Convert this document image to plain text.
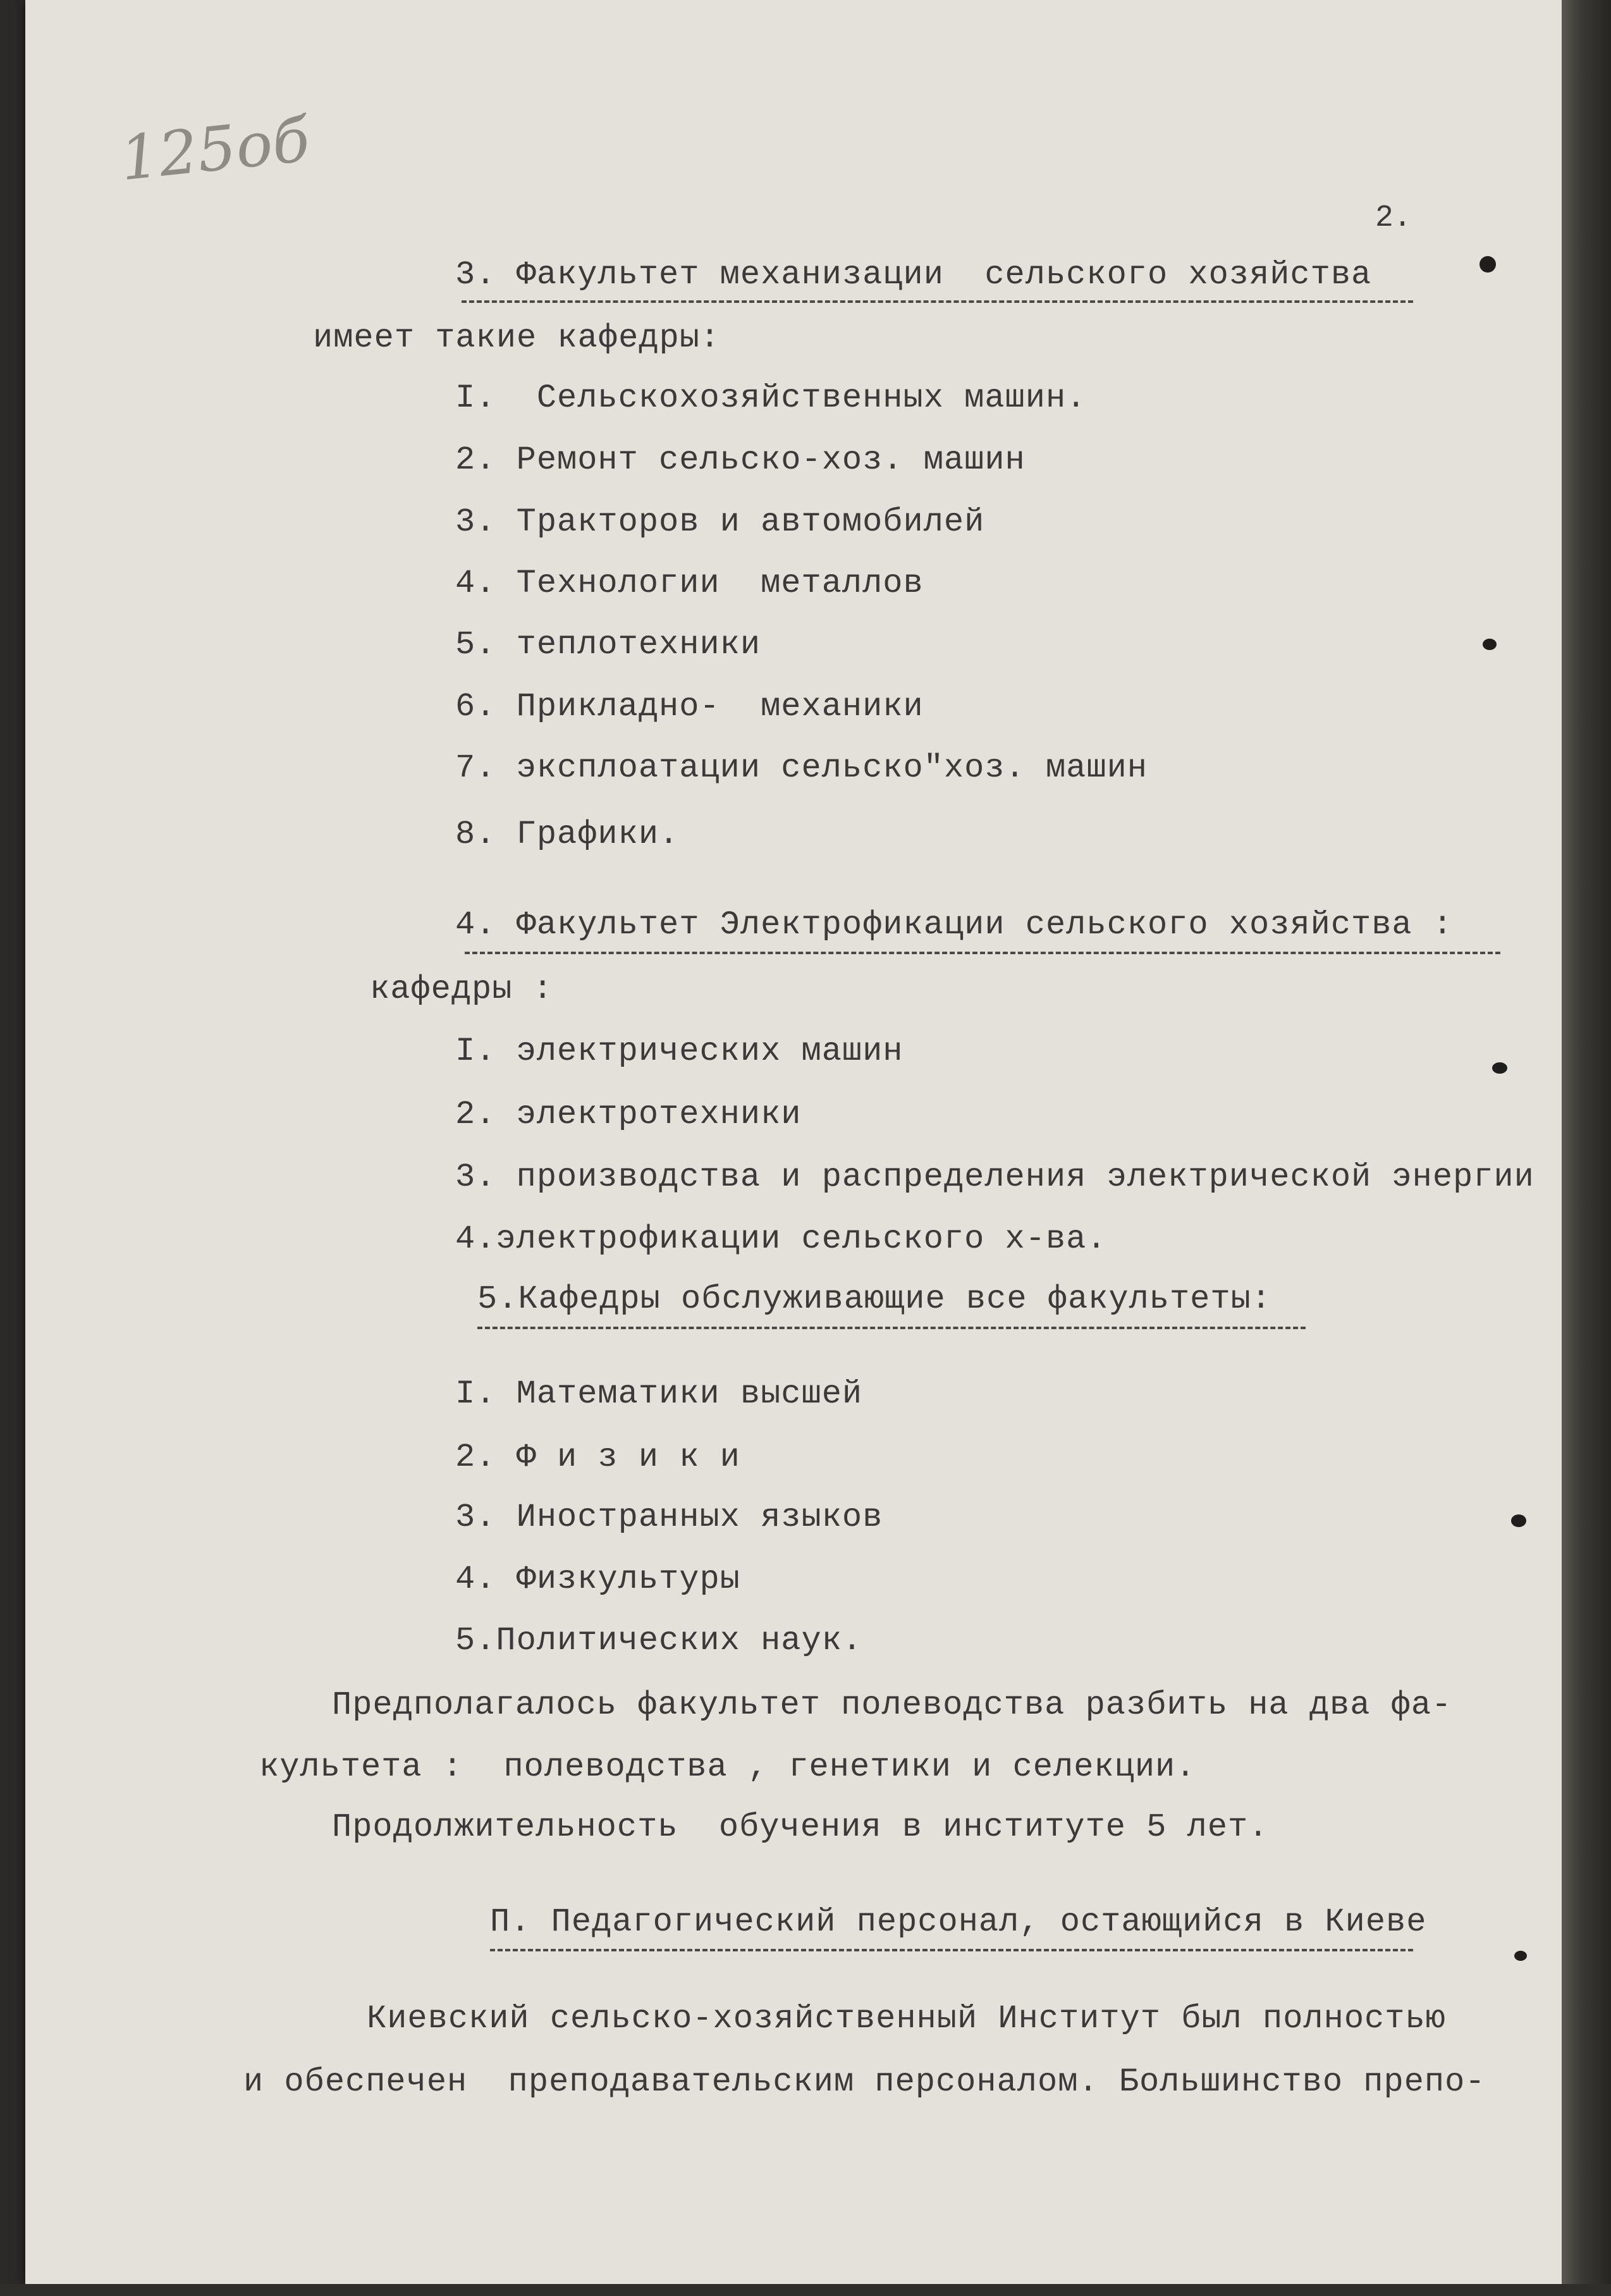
125об
2.
3. Факультет механизации  сельского хозяйства
имеет такие кафедры:
I.  Сельскохозяйственных машин.
2. Ремонт сельско-хоз. машин
3. Тракторов и автомобилей
4. Технологии  металлов
5. теплотехники
6. Прикладно-  механики
7. эксплоатации сельско"хоз. машин
8. Графики.
4. Факультет Электрофикации сельского хозяйства :
кафедры :
I. электрических машин
2. электротехники
3. производства и распределения электрической энергии
4.электрофикации сельского х-ва.
5.Кафедры обслуживающие все факультеты:
I. Математики высшей
2. Ф и з и к и
3. Иностранных языков
4. Физкультуры
5.Политических наук.
Предполагалось факультет полеводства разбить на два фа-
культета :  полеводства , генетики и селекции.
Продолжительность  обучения в институте 5 лет.
П. Педагогический персонал, остающийся в Киеве
Киевский сельско-хозяйственный Институт был полностью
и обеспечен  преподавательским персоналом. Большинство препо-
